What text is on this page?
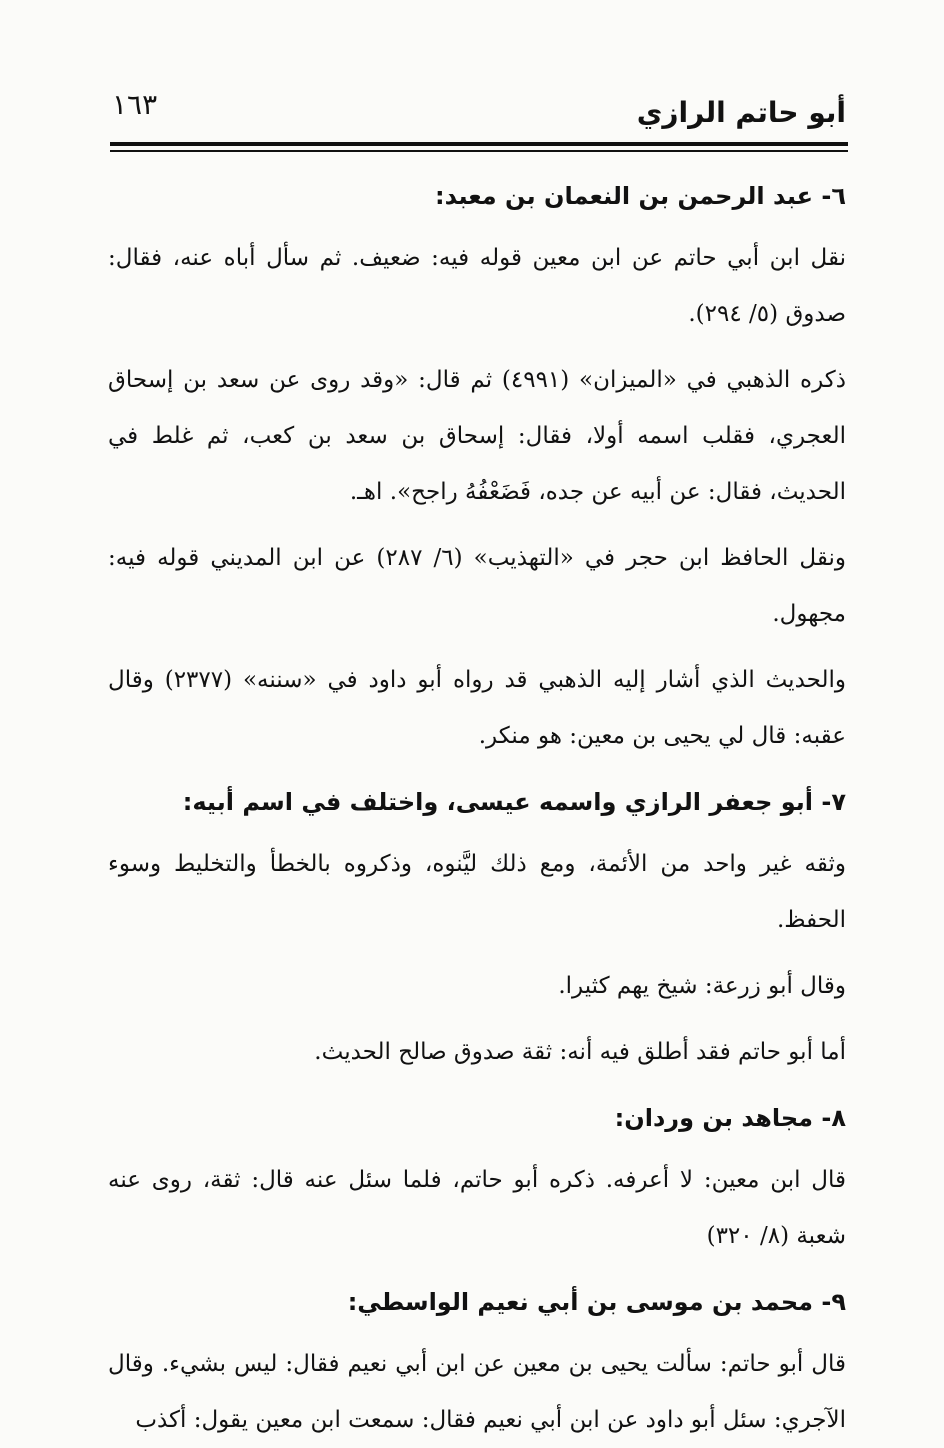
أبو حاتم الرازي
١٦٣
٦- عبد الرحمن بن النعمان بن معبد:

نقل ابن أبي حاتم عن ابن معين قوله فيه: ضعيف. ثم سأل أباه عنه، فقال: صدوق (٥/ ٢٩٤).

ذكره الذهبي في «الميزان» (٤٩٩١) ثم قال: «وقد روى عن سعد بن إسحاق العجري، فقلب اسمه أولا، فقال: إسحاق بن سعد بن كعب، ثم غلط في الحديث، فقال: عن أبيه عن جده، فَضَعْفُهُ راجح». اهـ.

ونقل الحافظ ابن حجر في «التهذيب» (٦/ ٢٨٧) عن ابن المديني قوله فيه: مجهول.

والحديث الذي أشار إليه الذهبي قد رواه أبو داود في «سننه» (٢٣٧٧) وقال عقبه: قال لي يحيى بن معين: هو منكر.

٧- أبو جعفر الرازي واسمه عيسى، واختلف في اسم أبيه:

وثقه غير واحد من الأئمة، ومع ذلك ليَّنوه، وذكروه بالخطأ والتخليط وسوء الحفظ.

وقال أبو زرعة: شيخ يهم كثيرا.

أما أبو حاتم فقد أطلق فيه أنه: ثقة صدوق صالح الحديث.

٨- مجاهد بن وردان:

قال ابن معين: لا أعرفه. ذكره أبو حاتم، فلما سئل عنه قال: ثقة، روى عنه شعبة (٨/ ٣٢٠)

٩- محمد بن موسى بن أبي نعيم الواسطي:

قال أبو حاتم: سألت يحيى بن معين عن ابن أبي نعيم فقال: ليس بشيء. وقال الآجري: سئل أبو داود عن ابن أبي نعيم فقال: سمعت ابن معين يقول: أكذب
